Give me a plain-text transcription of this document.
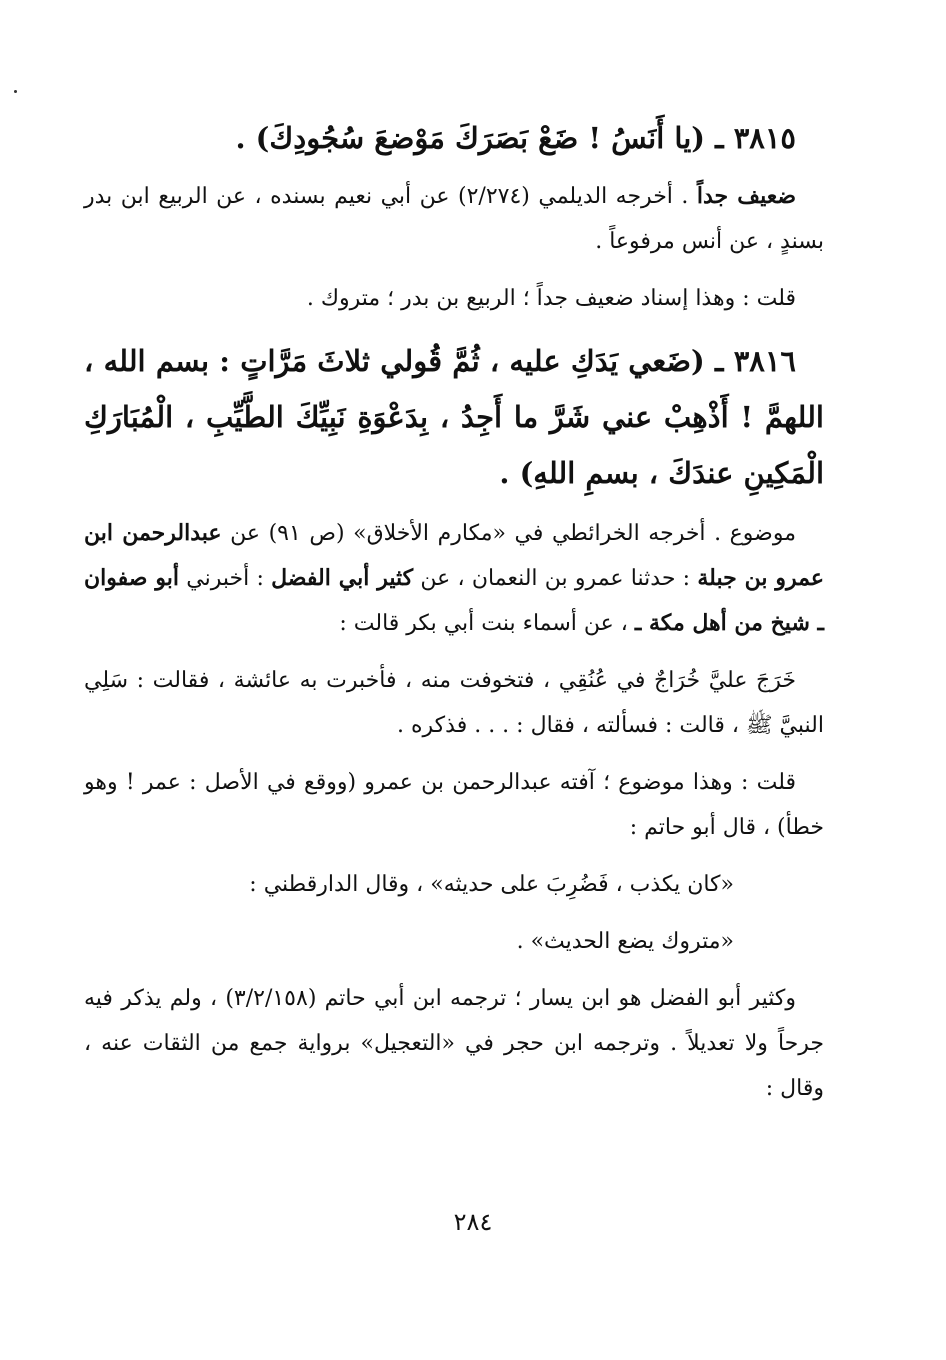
٣٨١٥ ـ (يا أَنَسُ ! ضَعْ بَصَرَكَ مَوْضعَ سُجُودِكَ) .

ضعيف جداً . أخرجه الديلمي (٢/٢٧٤) عن أبي نعيم بسنده ، عن الربيع ابن بدر بسندٍ ، عن أنس مرفوعاً .

قلت : وهذا إسناد ضعيف جداً ؛ الربيع بن بدر ؛ متروك .

٣٨١٦ ـ (ضَعي يَدَكِ عليه ، ثُمَّ قُولي ثلاثَ مَرَّاتٍ : بسم الله ، اللهمَّ ! أَذْهِبْ عني شَرَّ ما أَجِدُ ، بِدَعْوَةِ نَبِيِّكَ الطَّيِّبِ ، الْمُبَارَكِ الْمَكِينِ عندَكَ ، بسمِ اللهِ) .

موضوع . أخرجه الخرائطي في «مكارم الأخلاق» (ص ٩١) عن عبدالرحمن ابن عمرو بن جبلة : حدثنا عمرو بن النعمان ، عن كثير أبي الفضل : أخبرني أبو صفوان ـ شيخ من أهل مكة ـ ، عن أسماء بنت أبي بكر قالت :

خَرَجَ عليَّ خُرَاجٌ في عُنُقِي ، فتخوفت منه ، فأخبرت به عائشة ، فقالت : سَلِي النبيَّ ﷺ ، قالت : فسألته ، فقال : . . . فذكره .

قلت : وهذا موضوع ؛ آفته عبدالرحمن بن عمرو (ووقع في الأصل : عمر ! وهو خطأ) ، قال أبو حاتم :

«كان يكذب ، فَضُرِبَ على حديثه» ، وقال الدارقطني :

«متروك يضع الحديث» .

وكثير أبو الفضل هو ابن يسار ؛ ترجمه ابن أبي حاتم (٣/٢/١٥٨) ، ولم يذكر فيه جرحاً ولا تعديلاً . وترجمه ابن حجر في «التعجيل» برواية جمع من الثقات عنه ، وقال :

٢٨٤
